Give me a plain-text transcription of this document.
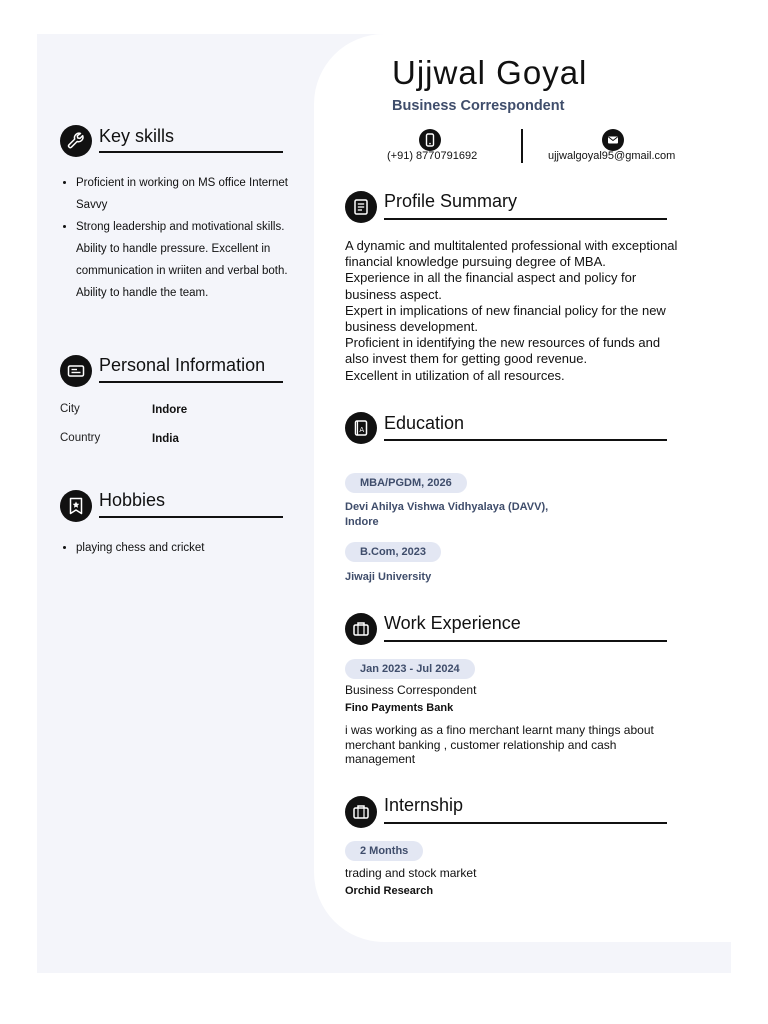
Ujjwal Goyal
Business Correspondent
(+91) 8770791692	ujjwalgoyal95@gmail.com
Key skills
• Proficient in working on MS office Internet Savvy
• Strong leadership and motivational skills. Ability to handle pressure. Excellent in communication in wriiten and verbal both. Ability to handle the team.
Personal Information
City	Indore
Country	India
Hobbies
• playing chess and cricket
Profile Summary
A dynamic and multitalented professional with exceptional
financial knowledge pursuing degree of MBA.
Experience in all the financial aspect and policy for
business aspect.
Expert in implications of new financial policy for the new
business development.
Proficient in identifying the new resources of funds and
also invest them for getting good revenue.
Excellent in utilization of all resources.
A Education
MBA/PGDM, 2026
Devi Ahilya Vishwa Vidhyalaya (DAVV),
Indore
B.Com, 2023
Jiwaji University
Work Experience
Jan 2023 - Jul 2024
Business Correspondent
Fino Payments Bank
i was working as a fino merchant learnt many things about
merchant banking , customer relationship and cash
management
Internship
2 Months
trading and stock market
Orchid Research
